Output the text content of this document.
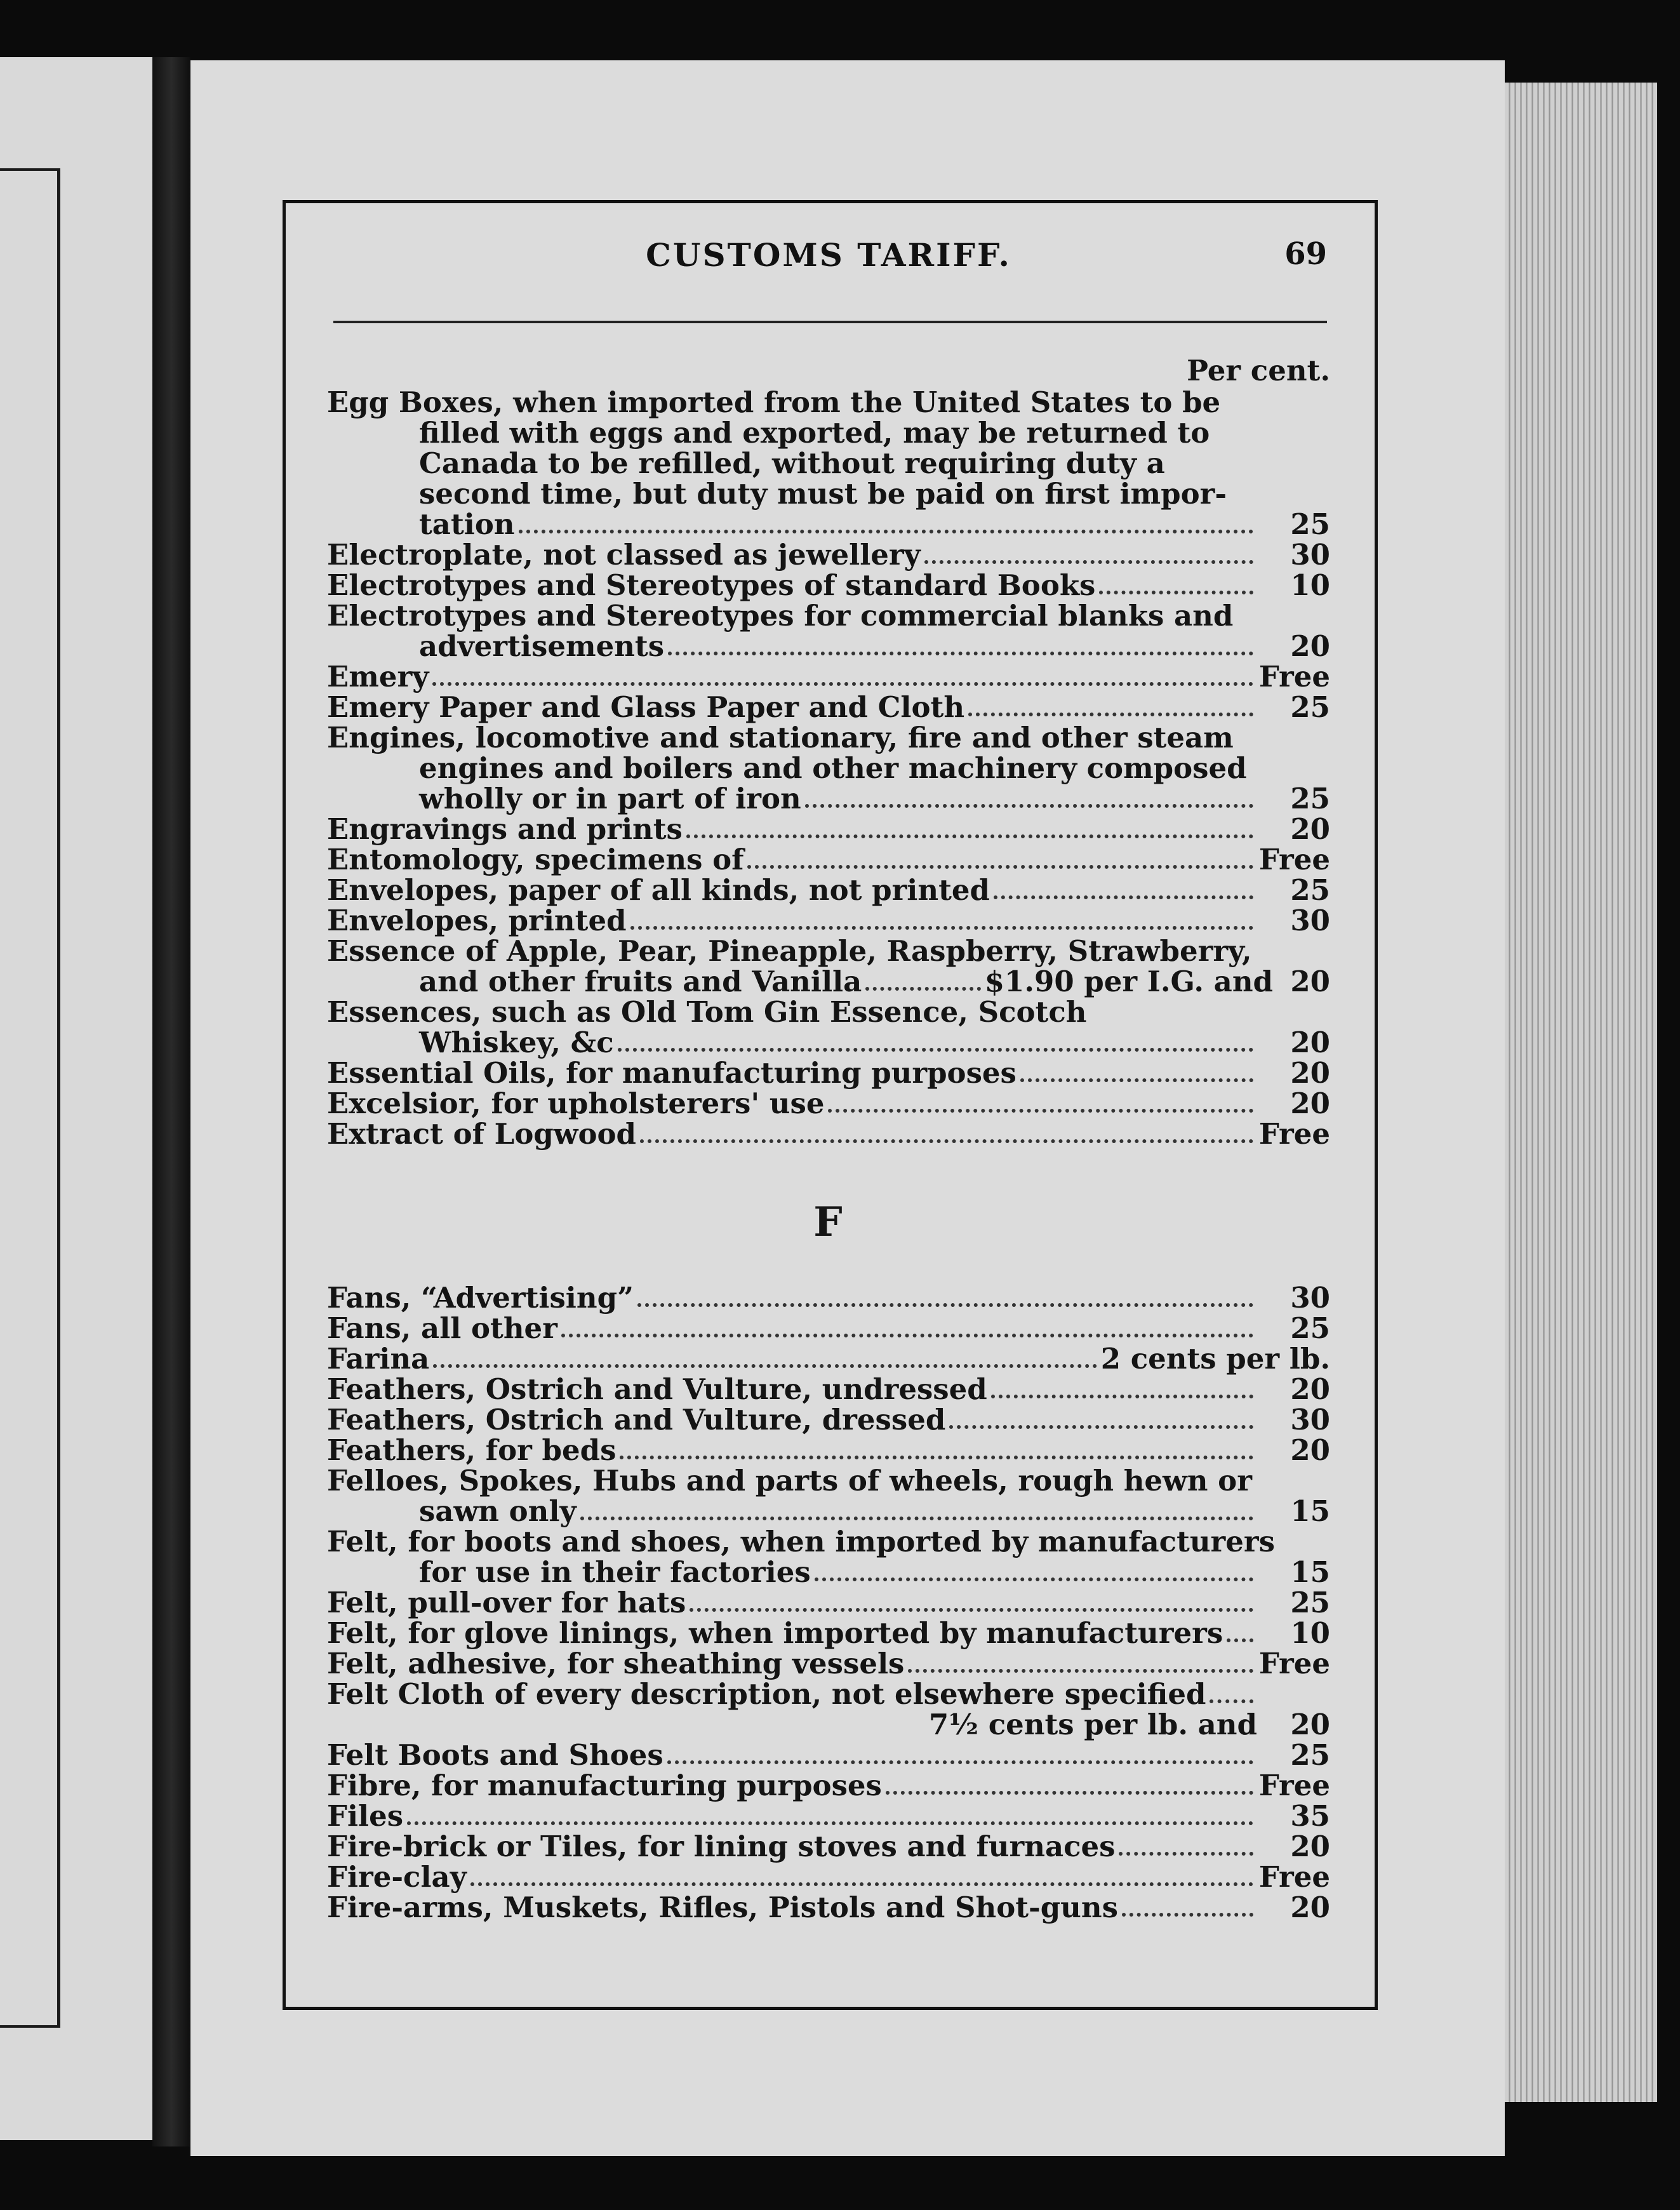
CUSTOMS TARIFF.	69
Per cent.
Egg Boxes, when imported from the United States to be
filled with eggs and exported, may be returned to
Canada to be refilled, without requiring duty a
second time, but duty must be paid on first impor-
tation	25
Electroplate, not classed as jewellery	30
Electrotypes and Stereotypes of standard Books	10
Electrotypes and Stereotypes for commercial blanks and
advertisements	20
Emery	Free
Emery Paper and Glass Paper and Cloth	25
Engines, locomotive and stationary, fire and other steam
engines and boilers and other machinery composed
wholly or in part of iron	25
Engravings and prints	20
Entomology, specimens of	Free
Envelopes, paper of all kinds, not printed	25
Envelopes, printed	30
Essence of Apple, Pear, Pineapple, Raspberry, Strawberry,
and other fruits and Vanilla	$1.90 per I.G. and 20
Essences, such as Old Tom Gin Essence, Scotch
Whiskey, &c	20
Essential Oils, for manufacturing purposes	20
Excelsior, for upholsterers' use	20
Extract of Logwood	Free
F
Fans, “Advertising”	30
Fans, all other	25
Farina	2 cents per lb.
Feathers, Ostrich and Vulture, undressed	20
Feathers, Ostrich and Vulture, dressed	30
Feathers, for beds	20
Felloes, Spokes, Hubs and parts of wheels, rough hewn or
sawn only	15
Felt, for boots and shoes, when imported by manufacturers
for use in their factories	15
Felt, pull-over for hats	25
Felt, for glove linings, when imported by manufacturers	10
Felt, adhesive, for sheathing vessels	Free
Felt Cloth of every description, not elsewhere specified
7½ cents per lb. and	20
Felt Boots and Shoes	25
Fibre, for manufacturing purposes	Free
Files	35
Fire-brick or Tiles, for lining stoves and furnaces	20
Fire-clay	Free
Fire-arms, Muskets, Rifles, Pistols and Shot-guns	20
